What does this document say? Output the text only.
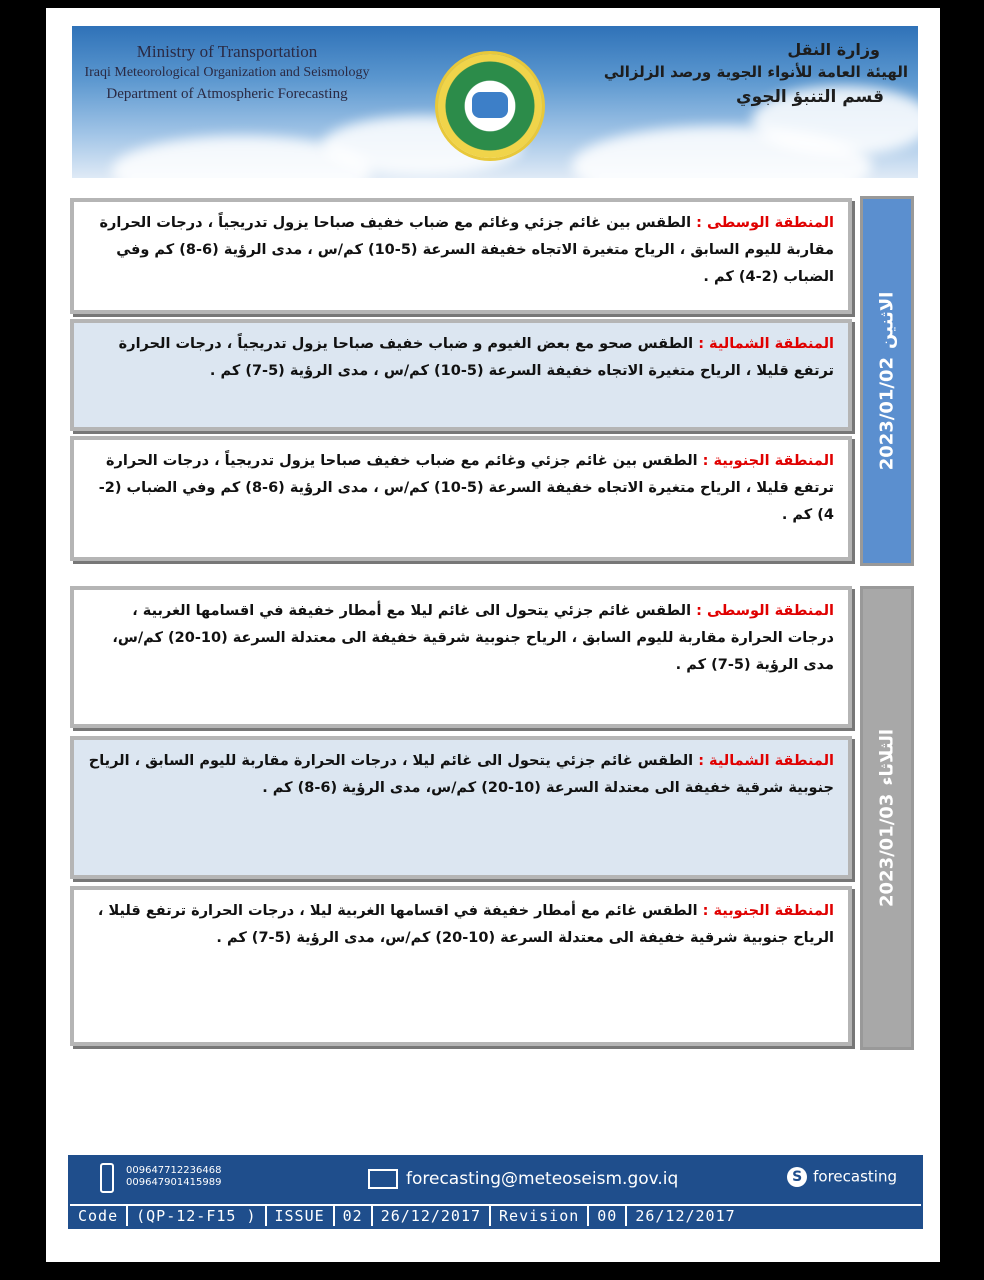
Ministry of Transportation
Iraqi Meteorological Organization and Seismology
Department of Atmospheric Forecasting
وزارة النقل
الهيئة العامة للأنواء الجوية ورصد الزلزالي
قسم التنبؤ الجوي
المنطقة الوسطى : الطقس بين غائم جزئي وغائم مع ضباب خفيف صباحا يزول تدريجياً ، درجات الحرارة مقاربة لليوم السابق ، الرياح متغيرة الاتجاه خفيفة السرعة (5-10) كم/س ، مدى الرؤية (6-8) كم وفي الضباب (2-4) كم .
المنطقة الشمالية : الطقس صحو مع بعض الغيوم و ضباب خفيف صباحا يزول تدريجياً ، درجات الحرارة ترتفع قليلا ، الرياح متغيرة الاتجاه خفيفة السرعة (5-10) كم/س ، مدى الرؤية (5-7) كم .
المنطقة الجنوبية : الطقس بين غائم جزئي وغائم مع ضباب خفيف صباحا يزول تدريجياً ، درجات الحرارة ترتفع قليلا ، الرياح متغيرة الاتجاه خفيفة السرعة (5-10) كم/س ، مدى الرؤية (6-8) كم وفي الضباب (2-4) كم .
2023/01/02الاثنين
المنطقة الوسطى : الطقس غائم جزئي يتحول الى غائم ليلا مع أمطار خفيفة في اقسامها الغربية ، درجات الحرارة مقاربة لليوم السابق ، الرياح جنوبية شرقية خفيفة الى معتدلة السرعة (10-20) كم/س، مدى الرؤية (5-7) كم .
المنطقة الشمالية : الطقس غائم جزئي يتحول الى غائم ليلا ، درجات الحرارة مقاربة لليوم السابق ، الرياح جنوبية شرقية خفيفة الى معتدلة السرعة (10-20) كم/س، مدى الرؤية (6-8) كم .
المنطقة الجنوبية : الطقس غائم مع أمطار خفيفة في اقسامها الغربية ليلا ، درجات الحرارة ترتفع قليلا ، الرياح جنوبية شرقية خفيفة الى معتدلة السرعة (10-20) كم/س، مدى الرؤية (5-7) كم .
2023/01/03الثلاثاء
009647712236468
009647901415989	forecasting@meteoseism.gov.iq	S forecasting
Code	(QP-12-F15 )	ISSUE	02	26/12/2017	Revision	00	26/12/2017
